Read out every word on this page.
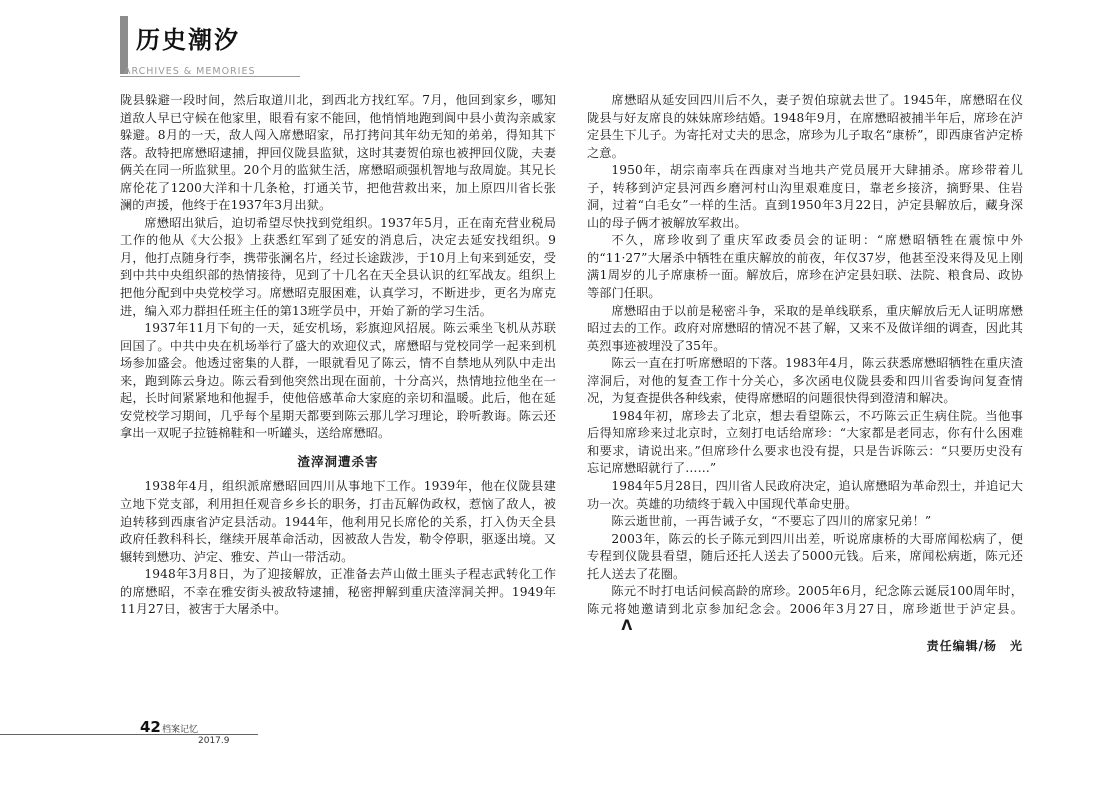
历史潮汐
ARCHIVES & MEMORIES

陇县躲避一段时间，然后取道川北，到西北方找红军。7月，他回到家乡，哪知道敌人早已守候在他家里，眼看有家不能回，他悄悄地跑到阆中县小黄沟亲戚家躲避。8月的一天，敌人闯入席懋昭家，吊打拷问其年幼无知的弟弟，得知其下落。敌特把席懋昭逮捕，押回仪陇县监狱，这时其妻贺伯琼也被押回仪陇，夫妻俩关在同一所监狱里。20个月的监狱生活，席懋昭顽强机智地与敌周旋。其兄长席伦花了1200大洋和十几条枪，打通关节，把他营救出来，加上原四川省长张澜的声援，他终于在1937年3月出狱。

席懋昭出狱后，迫切希望尽快找到党组织。1937年5月，正在南充营业税局工作的他从《大公报》上获悉红军到了延安的消息后，决定去延安找组织。9月，他打点随身行李，携带张澜名片，经过长途跋涉，于10月上旬来到延安，受到中共中央组织部的热情接待，见到了十几名在天全县认识的红军战友。组织上把他分配到中央党校学习。席懋昭克服困难，认真学习，不断进步，更名为席克进，编入邓力群担任班主任的第13班学员中，开始了新的学习生活。

1937年11月下旬的一天，延安机场，彩旗迎风招展。陈云乘坐飞机从苏联回国了。中共中央在机场举行了盛大的欢迎仪式，席懋昭与党校同学一起来到机场参加盛会。他透过密集的人群，一眼就看见了陈云，情不自禁地从列队中走出来，跑到陈云身边。陈云看到他突然出现在面前，十分高兴，热情地拉他坐在一起，长时间紧紧地和他握手，使他倍感革命大家庭的亲切和温暖。此后，他在延安党校学习期间，几乎每个星期天都要到陈云那儿学习理论，聆听教诲。陈云还拿出一双呢子拉链棉鞋和一听罐头，送给席懋昭。

渣滓洞遭杀害

1938年4月，组织派席懋昭回四川从事地下工作。1939年，他在仪陇县建立地下党支部，利用担任观音乡乡长的职务，打击瓦解伪政权，惹恼了敌人，被迫转移到西康省泸定县活动。1944年，他利用兄长席伦的关系，打入伪天全县政府任教科科长，继续开展革命活动，因被敌人告发，勒令停职，驱逐出境。又辗转到懋功、泸定、雅安、芦山一带活动。

1948年3月8日，为了迎接解放，正准备去芦山做土匪头子程志武转化工作的席懋昭，不幸在雅安街头被敌特逮捕，秘密押解到重庆渣滓洞关押。1949年11月27日，被害于大屠杀中。

席懋昭从延安回四川后不久，妻子贺伯琼就去世了。1945年，席懋昭在仪陇县与好友席良的妹妹席珍结婚。1948年9月，在席懋昭被捕半年后，席珍在泸定县生下儿子。为寄托对丈夫的思念，席珍为儿子取名“康桥”，即西康省泸定桥之意。

1950年，胡宗南率兵在西康对当地共产党员展开大肆捕杀。席珍带着儿子，转移到泸定县河西乡磨河村山沟里艰难度日，靠老乡接济，摘野果、住岩洞，过着“白毛女”一样的生活。直到1950年3月22日，泸定县解放后，藏身深山的母子俩才被解放军救出。

不久，席珍收到了重庆军政委员会的证明：“席懋昭牺牲在震惊中外的“11·27”大屠杀中牺牲在重庆解放的前夜，年仅37岁，他甚至没来得及见上刚满1周岁的儿子席康桥一面。解放后，席珍在泸定县妇联、法院、粮食局、政协等部门任职。

席懋昭由于以前是秘密斗争，采取的是单线联系，重庆解放后无人证明席懋昭过去的工作。政府对席懋昭的情况不甚了解，又来不及做详细的调查，因此其英烈事迹被埋没了35年。

陈云一直在打听席懋昭的下落。1983年4月，陈云获悉席懋昭牺牲在重庆渣滓洞后，对他的复查工作十分关心，多次函电仪陇县委和四川省委询问复查情况，为复查提供各种线索，使得席懋昭的问题很快得到澄清和解决。

1984年初，席珍去了北京，想去看望陈云，不巧陈云正生病住院。当他事后得知席珍来过北京时，立刻打电话给席珍：“大家都是老同志，你有什么困难和要求，请说出来。”但席珍什么要求也没有提，只是告诉陈云：“只要历史没有忘记席懋昭就行了……”

1984年5月28日，四川省人民政府决定，追认席懋昭为革命烈士，并追记大功一次。英雄的功绩终于载入中国现代革命史册。

陈云逝世前，一再告诫子女，“不要忘了四川的席家兄弟！”

2003年，陈云的长子陈元到四川出差，听说席康桥的大哥席闻松病了，便专程到仪陇县看望，随后还托人送去了5000元钱。后来，席闻松病逝，陈元还托人送去了花圈。

陈元不时打电话问候高龄的席珍。2005年6月，纪念陈云诞辰100周年时，陈元将她邀请到北京参加纪念会。2006年3月27日，席珍逝世于泸定县。Λ

责任编辑/杨　光
42 档案记忆
2017.9
